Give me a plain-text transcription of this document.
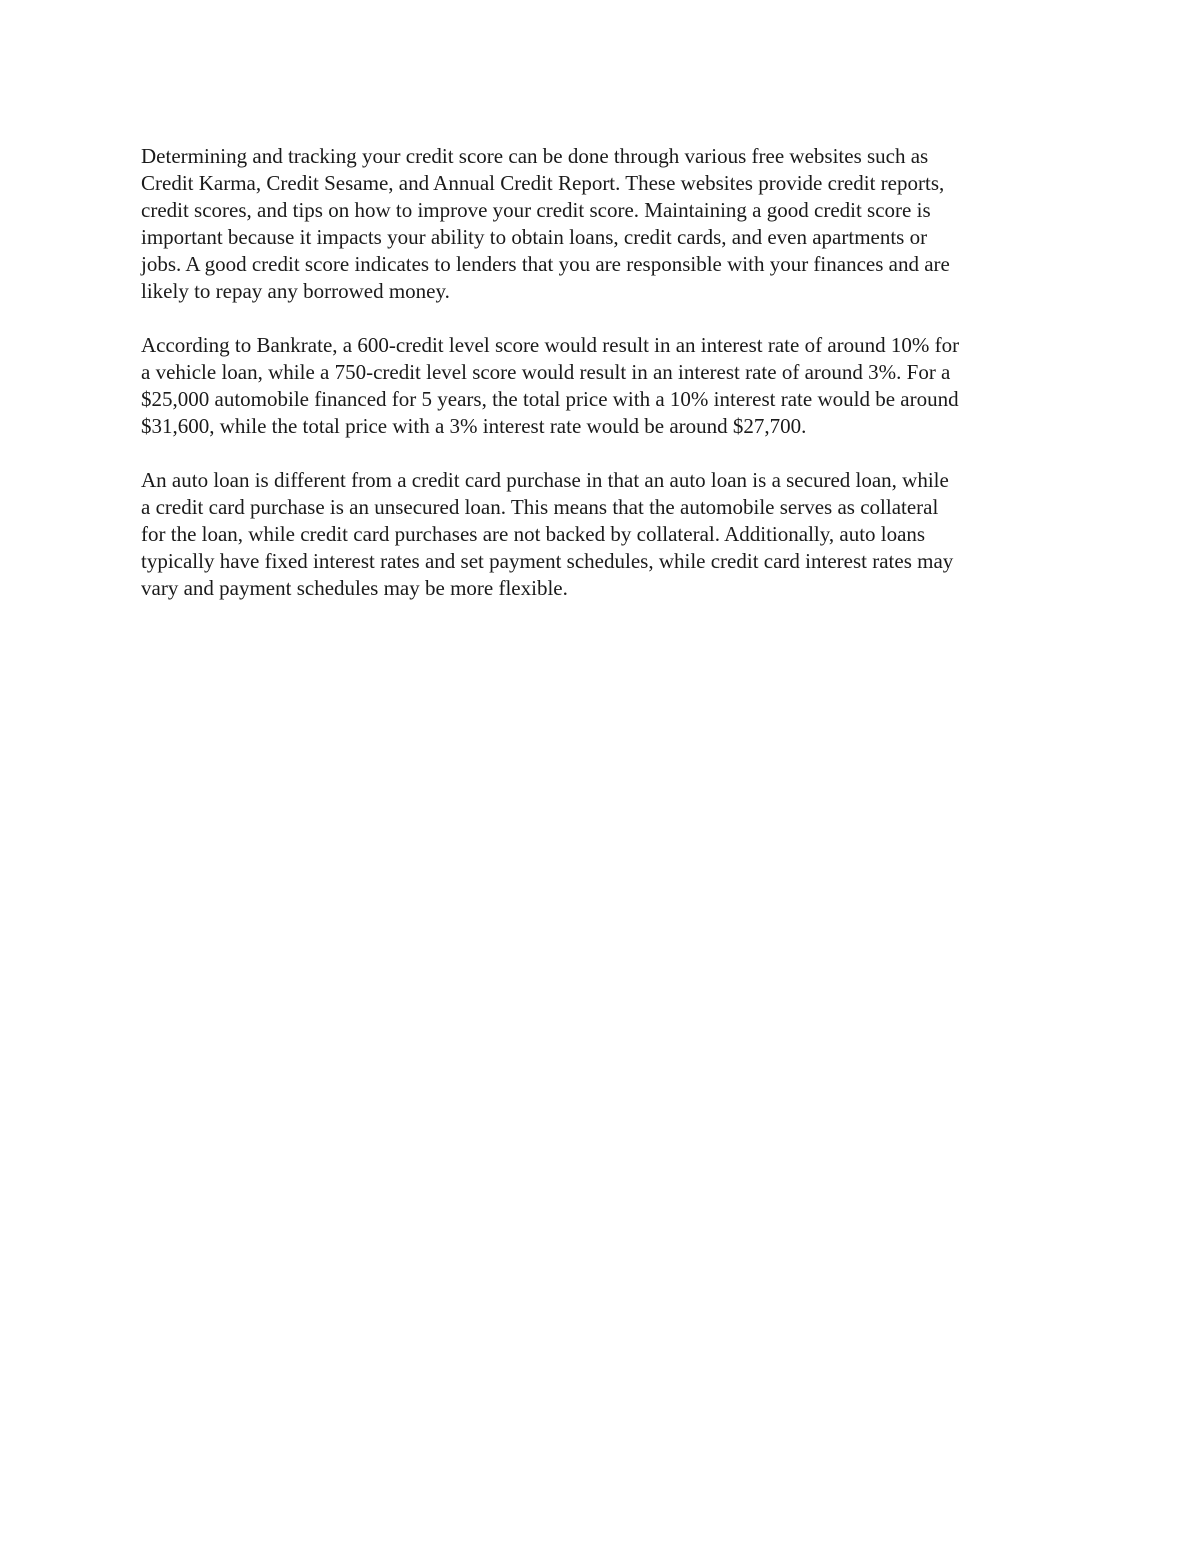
Determining and tracking your credit score can be done through various free websites such as
Credit Karma, Credit Sesame, and Annual Credit Report. These websites provide credit reports,
credit scores, and tips on how to improve your credit score. Maintaining a good credit score is
important because it impacts your ability to obtain loans, credit cards, and even apartments or
jobs. A good credit score indicates to lenders that you are responsible with your finances and are
likely to repay any borrowed money.

According to Bankrate, a 600-credit level score would result in an interest rate of around 10% for
a vehicle loan, while a 750-credit level score would result in an interest rate of around 3%. For a
$25,000 automobile financed for 5 years, the total price with a 10% interest rate would be around
$31,600, while the total price with a 3% interest rate would be around $27,700.

An auto loan is different from a credit card purchase in that an auto loan is a secured loan, while
a credit card purchase is an unsecured loan. This means that the automobile serves as collateral
for the loan, while credit card purchases are not backed by collateral. Additionally, auto loans
typically have fixed interest rates and set payment schedules, while credit card interest rates may
vary and payment schedules may be more flexible.
